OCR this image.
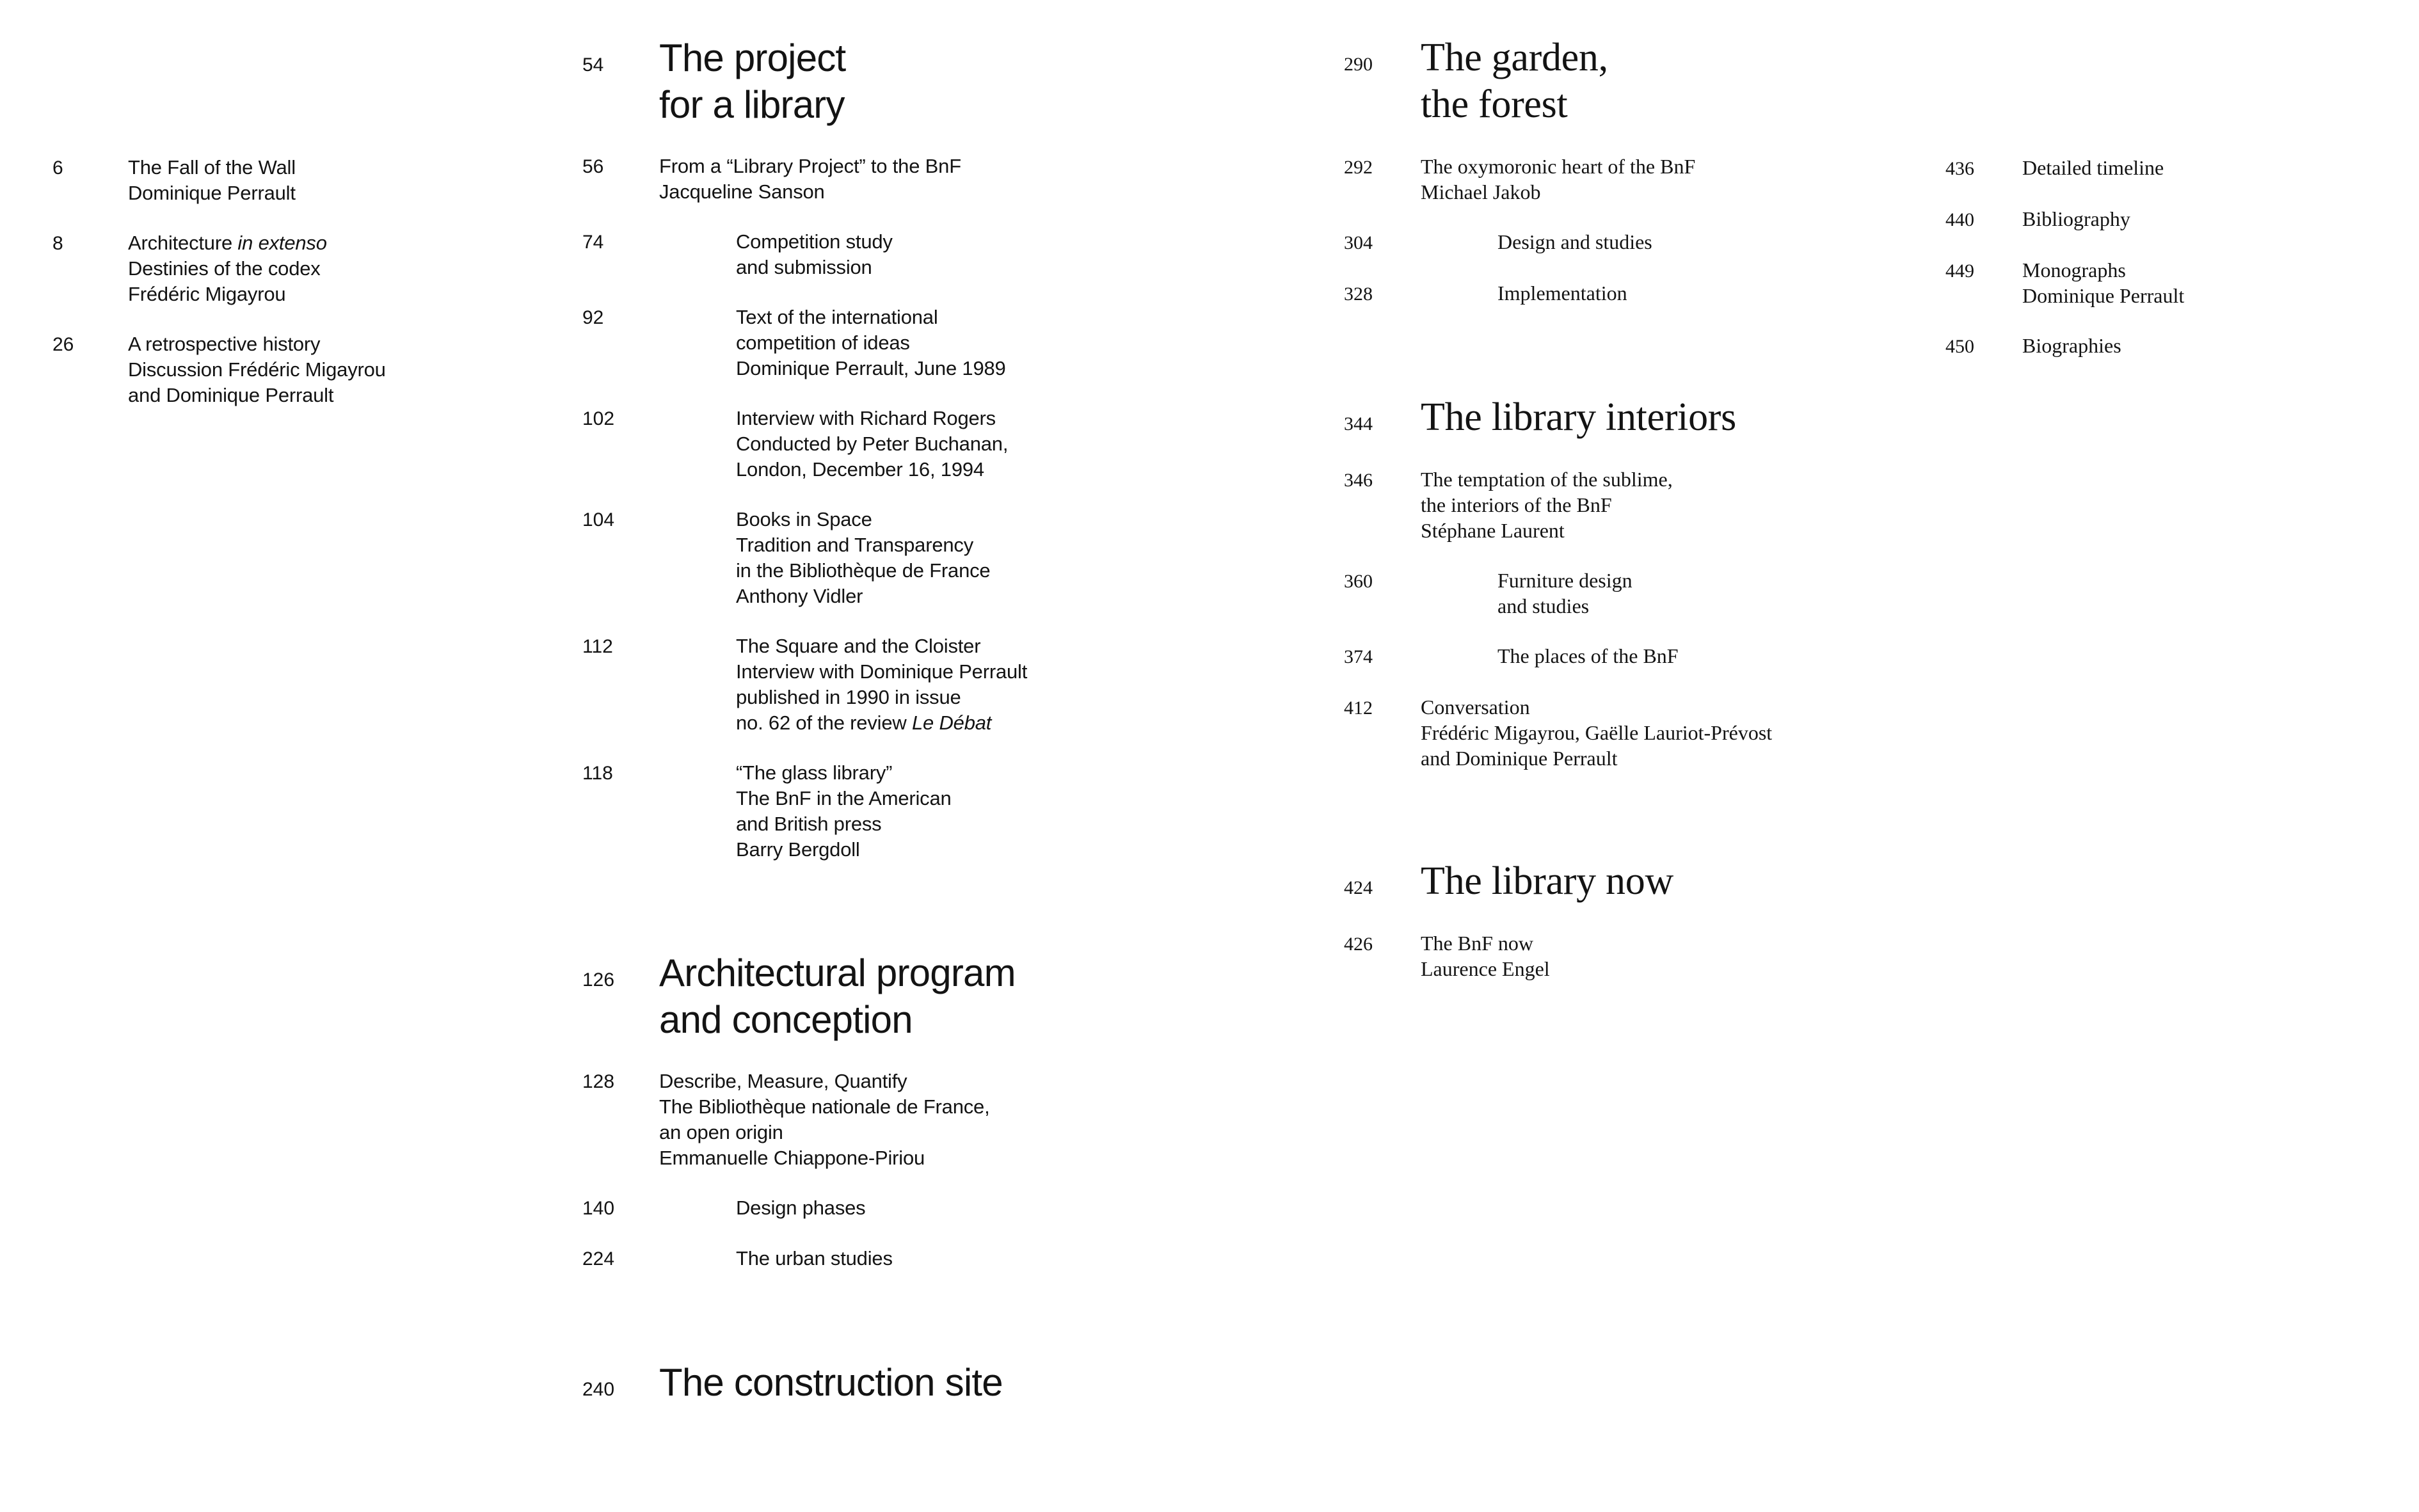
6	The Fall of the Wall
Dominique Perrault
8	Architecture in extenso
Destinies of the codex
Frédéric Migayrou
26	A retrospective history
Discussion Frédéric Migayrou
and Dominique Perrault
54	The project
for a library
56	From a “Library Project” to the BnF
Jacqueline Sanson
74	Competition study
and submission
92	Text of the international
competition of ideas
Dominique Perrault, June 1989
102	Interview with Richard Rogers
Conducted by Peter Buchanan,
London, December 16, 1994
104	Books in Space
Tradition and Transparency
in the Bibliothèque de France
Anthony Vidler
112	The Square and the Cloister
Interview with Dominique Perrault
published in 1990 in issue
no. 62 of the review Le Débat
118	“The glass library”
The BnF in the American
and British press
Barry Bergdoll
126	Architectural program
and conception
128	Describe, Measure, Quantify
The Bibliothèque nationale de France,
an open origin
Emmanuelle Chiappone-Piriou
140	Design phases
224	The urban studies
240	The construction site
290	The garden,
the forest
292	The oxymoronic heart of the BnF
Michael Jakob
304	Design and studies
328	Implementation
344	The library interiors
346	The temptation of the sublime,
the interiors of the BnF
Stéphane Laurent
360	Furniture design
and studies
374	The places of the BnF
412	Conversation
Frédéric Migayrou, Gaëlle Lauriot-Prévost
and Dominique Perrault
424	The library now
426	The BnF now
Laurence Engel
436	Detailed timeline
440	Bibliography
449	Monographs
Dominique Perrault
450	Biographies
